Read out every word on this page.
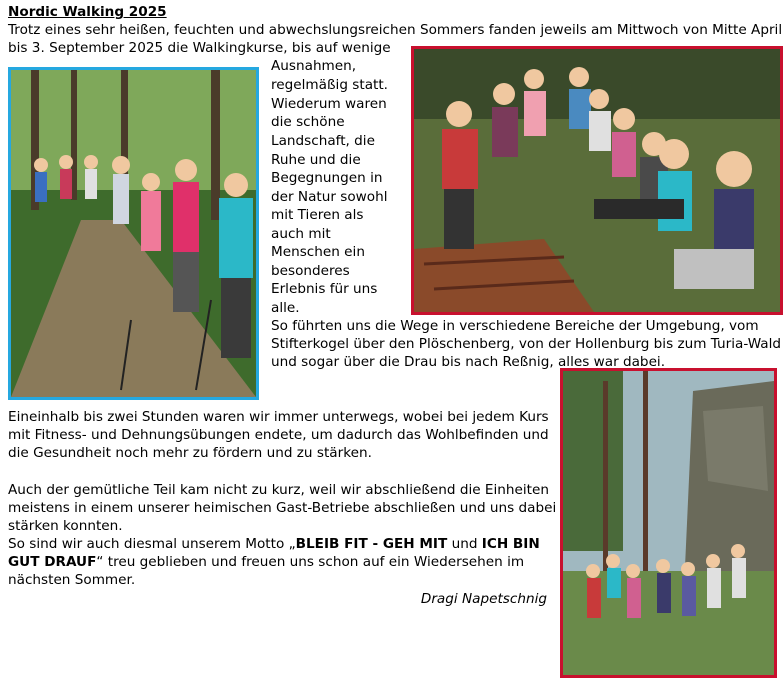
Nordic Walking 2025
Trotz eines sehr heißen, feuchten und abwechslungsreichen Sommers fanden jeweils am Mittwoch von Mitte April
bis 3. September 2025 die Walkingkurse, bis auf wenige
Ausnahmen,
regelmäßig statt.
Wiederum waren
die schöne
Landschaft, die
Ruhe und die
Begegnungen in
der Natur sowohl
mit Tieren als
auch mit
Menschen ein
besonderes
Erlebnis für uns
alle.
So führten uns die Wege in verschiedene Bereiche der Umgebung, vom
Stifterkogel über den Plöschenberg, von der Hollenburg bis zum Turia-Wald
und sogar über die Drau bis nach Reßnig, alles war dabei.
Eineinhalb bis zwei Stunden waren wir immer unterwegs, wobei bei jedem Kurs
mit Fitness- und Dehnungsübungen endete, um dadurch das Wohlbefinden und
die Gesundheit noch mehr zu fördern und zu stärken.
Auch der gemütliche Teil kam nicht zu kurz, weil wir abschließend die Einheiten
meistens in einem unserer heimischen Gast-Betriebe abschließen und uns dabei
stärken konnten.
So sind wir auch diesmal unserem Motto „BLEIB FIT - GEH MIT und ICH BIN
GUT DRAUF“ treu geblieben und freuen uns schon auf ein Wiedersehen im
nächsten Sommer.
Dragi Napetschnig
